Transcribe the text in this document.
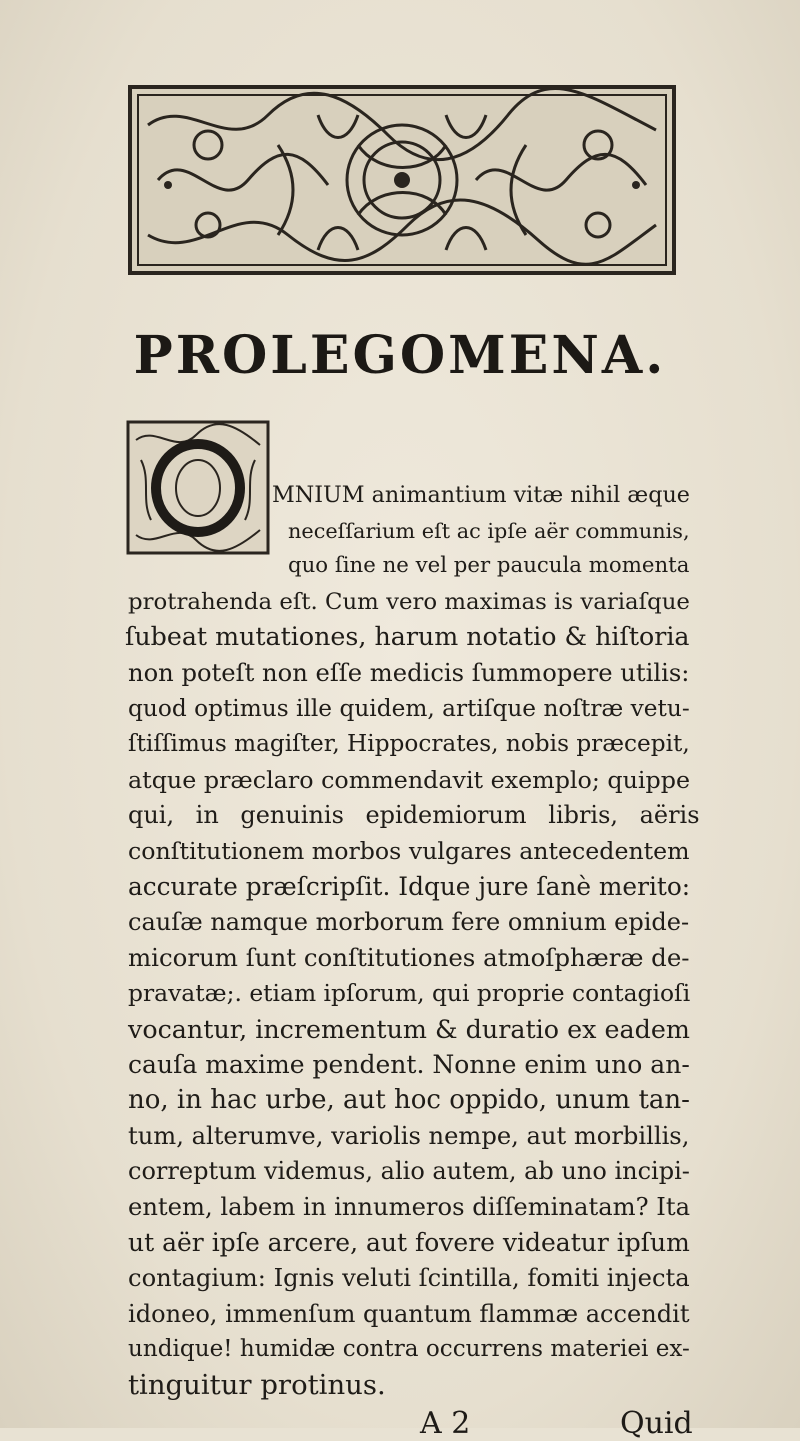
PROLEGOMENA.
MNIUM animantium vitæ nihil æque
neceſſarium eſt ac ipſe aër communis,
quo ſine ne vel per paucula momenta
protrahenda eſt. Cum vero maximas is variaſque
ſubeat mutationes, harum notatio & hiſtoria
non poteſt non eſſe medicis ſummopere utilis:
quod optimus ille quidem, artiſque noſtræ vetu-
ſtiſſimus magiſter, Hippocrates, nobis præcepit,
atque præclaro commendavit exemplo; quippe
qui, in genuinis epidemiorum libris, aëris
conſtitutionem morbos vulgares antecedentem
accurate præſcripſit. Idque jure ſanè merito:
cauſæ namque morborum fere omnium epide-
micorum ſunt conſtitutiones atmoſphæræ de-
pravatæ;. etiam ipſorum, qui proprie contagioſi
vocantur, incrementum & duratio ex eadem
cauſa maxime pendent. Nonne enim uno an-
no, in hac urbe, aut hoc oppido, unum tan-
tum, alterumve, variolis nempe, aut morbillis,
correptum videmus, alio autem, ab uno incipi-
entem, labem in innumeros diſſeminatam? Ita
ut aër ipſe arcere, aut fovere videatur ipſum
contagium: Ignis veluti ſcintilla, fomiti injecta
idoneo, immenſum quantum flammæ accendit
undique! humidæ contra occurrens materiei ex-
tinguitur protinus.
A 2	Quid
